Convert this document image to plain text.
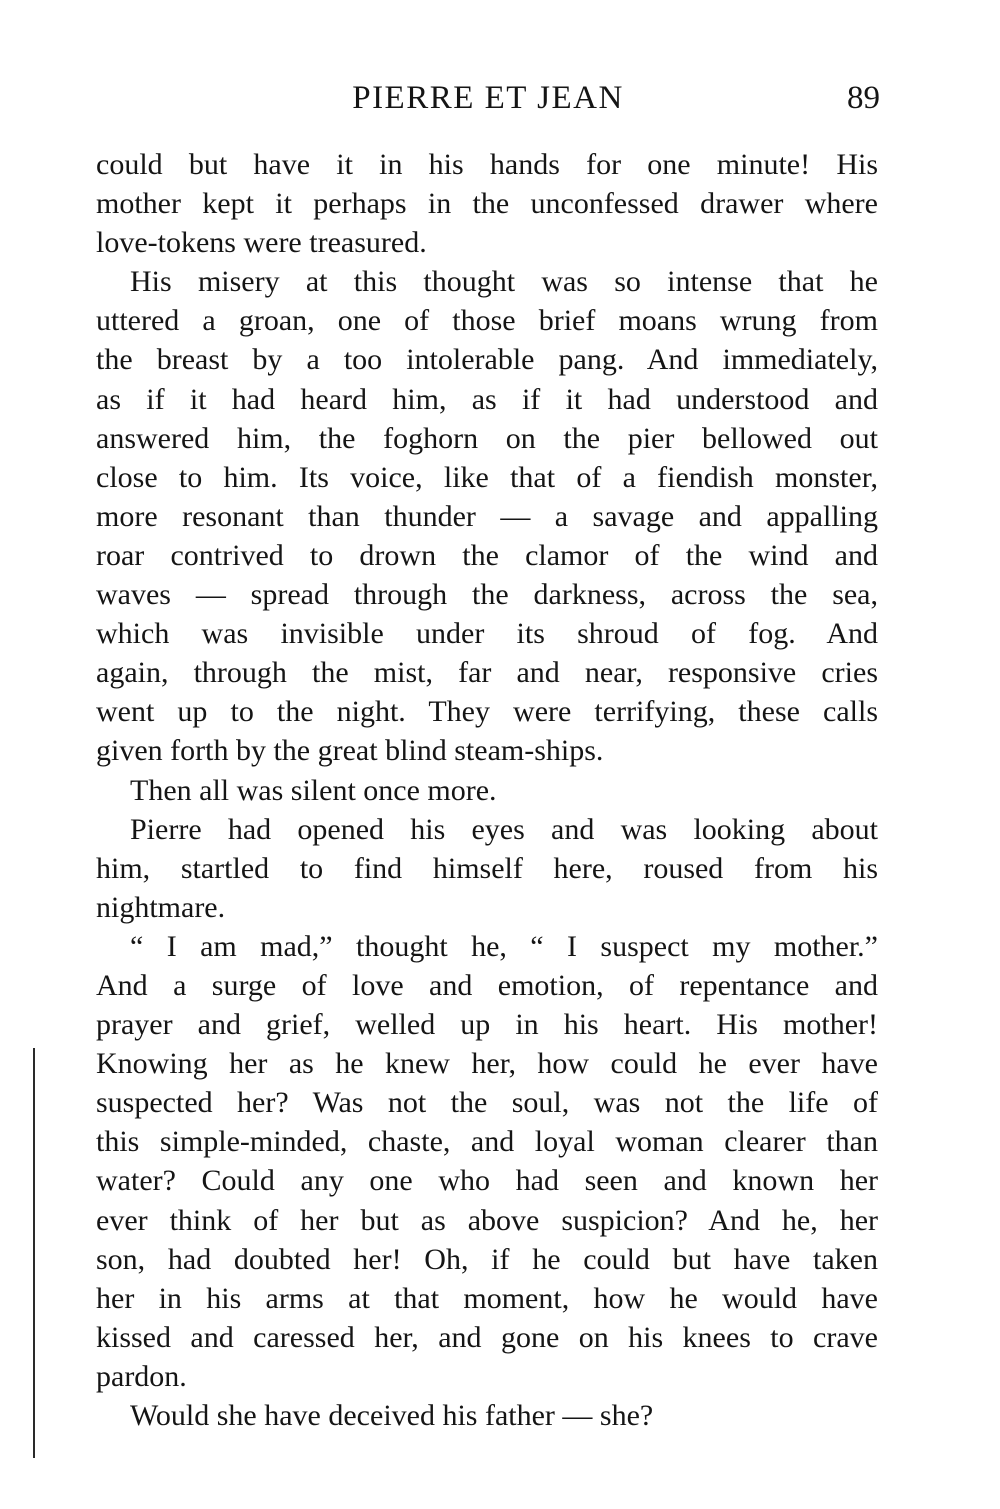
PIERRE ET JEAN	89
could but have it in his hands for one minute! His
mother kept it perhaps in the unconfessed drawer where
love-tokens were treasured.
His misery at this thought was so intense that he
uttered a groan, one of those brief moans wrung from
the breast by a too intolerable pang. And immediately,
as if it had heard him, as if it had understood and
answered him, the foghorn on the pier bellowed out
close to him. Its voice, like that of a fiendish monster,
more resonant than thunder — a savage and appalling
roar contrived to drown the clamor of the wind and
waves — spread through the darkness, across the sea,
which was invisible under its shroud of fog. And
again, through the mist, far and near, responsive cries
went up to the night. They were terrifying, these calls
given forth by the great blind steam-ships.
Then all was silent once more.
Pierre had opened his eyes and was looking about
him, startled to find himself here, roused from his
nightmare.
“ I am mad,” thought he, “ I suspect my mother.”
And a surge of love and emotion, of repentance and
prayer and grief, welled up in his heart. His mother!
Knowing her as he knew her, how could he ever have
suspected her? Was not the soul, was not the life of
this simple-minded, chaste, and loyal woman clearer than
water? Could any one who had seen and known her
ever think of her but as above suspicion? And he, her
son, had doubted her! Oh, if he could but have taken
her in his arms at that moment, how he would have
kissed and caressed her, and gone on his knees to crave
pardon.
Would she have deceived his father — she?
